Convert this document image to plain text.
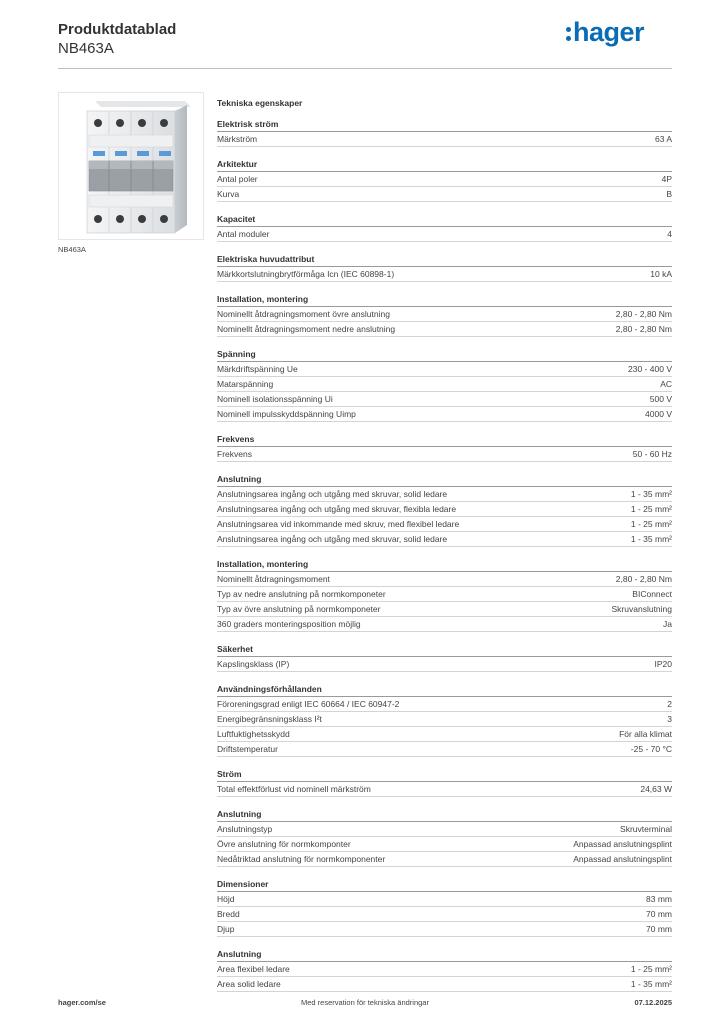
Produktdatablad
NB463A
hager
NB463A
Tekniska egenskaper
Elektrisk ström
Märkström	63 A
Arkitektur
Antal poler	4P
Kurva	B
Kapacitet
Antal moduler	4
Elektriska huvudattribut
Märkkortslutningbrytförmåga Icn (IEC 60898-1)	10 kA
Installation, montering
Nominellt åtdragningsmoment övre anslutning	2,80 - 2,80 Nm
Nominellt åtdragningsmoment nedre anslutning	2,80 - 2,80 Nm
Spänning
Märkdriftspänning Ue	230 - 400 V
Matarspänning	AC
Nominell isolationsspänning Ui	500 V
Nominell impulsskyddspänning Uimp	4000 V
Frekvens
Frekvens	50 - 60 Hz
Anslutning
Anslutningsarea ingång och utgång med skruvar, solid ledare	1 - 35 mm²
Anslutningsarea ingång och utgång med skruvar, flexibla ledare	1 - 25 mm²
Anslutningsarea vid inkommande med skruv, med flexibel ledare	1 - 25 mm²
Anslutningsarea ingång och utgång med skruvar, solid ledare	1 - 35 mm²
Installation, montering
Nominellt åtdragningsmoment	2,80 - 2,80 Nm
Typ av nedre anslutning på normkomponeter	BIConnect
Typ av övre anslutning på normkomponeter	Skruvanslutning
360 graders monteringsposition möjlig	Ja
Säkerhet
Kapslingsklass (IP)	IP20
Användningsförhållanden
Föroreningsgrad enligt IEC 60664 / IEC 60947-2	2
Energibegränsningsklass I²t	3
Luftfuktighetsskydd	För alla klimat
Driftstemperatur	-25 - 70 °C
Ström
Total effektförlust vid nominell märkström	24,63 W
Anslutning
Anslutningstyp	Skruvterminal
Övre anslutning för normkomponter	Anpassad anslutningsplint
Nedåtriktad anslutning för normkomponenter	Anpassad anslutningsplint
Dimensioner
Höjd	83 mm
Bredd	70 mm
Djup	70 mm
Anslutning
Area flexibel ledare	1 - 25 mm²
Area solid ledare	1 - 35 mm²
hager.com/se	Med reservation för tekniska ändringar	07.12.2025
